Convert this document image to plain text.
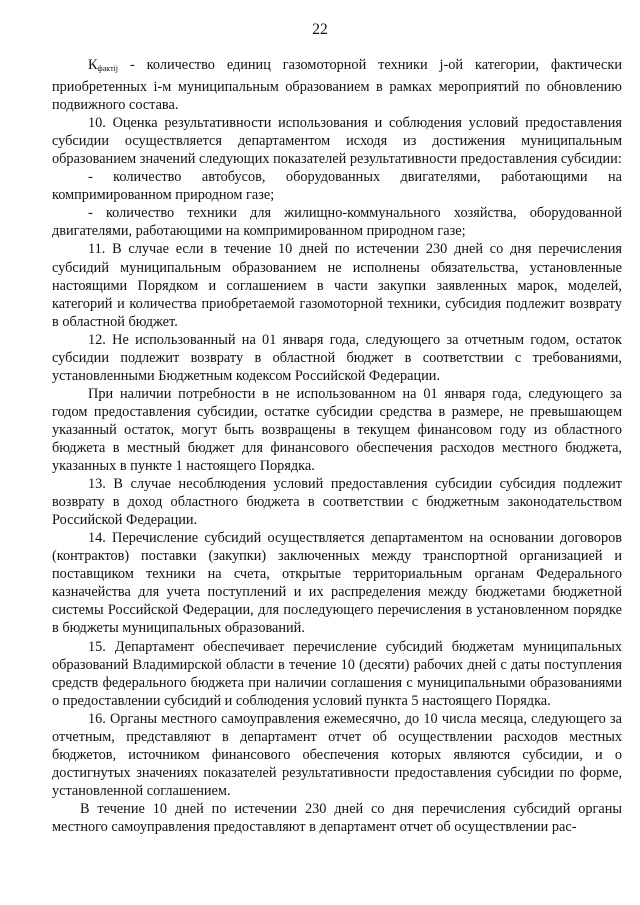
22

$К_{фактij}$ - количество единиц газомоторной техники j-ой категории, фактически приобретенных i-м муниципальным образованием в рамках мероприятий по обновлению подвижного состава.

10. Оценка результативности использования и соблюдения условий предоставления субсидии осуществляется департаментом исходя из достижения муниципальным образованием значений следующих показателей результативности предоставления субсидии:

- количество автобусов, оборудованных двигателями, работающими на компримированном природном газе;

- количество техники для жилищно-коммунального хозяйства, оборудованной двигателями, работающими на компримированном природном газе;

11. В случае если в течение 10 дней по истечении 230 дней со дня перечисления субсидий муниципальным образованием не исполнены обязательства, установленные настоящими Порядком и соглашением в части закупки заявленных марок, моделей, категорий и количества приобретаемой газомоторной техники, субсидия подлежит возврату в областной бюджет.

12. Не использованный на 01 января года, следующего за отчетным годом, остаток субсидии подлежит возврату в областной бюджет в соответствии с требованиями, установленными Бюджетным кодексом Российской Федерации.

При наличии потребности в не использованном на 01 января года, следующего за годом предоставления субсидии, остатке субсидии средства в размере, не превышающем указанный остаток, могут быть возвращены в текущем финансовом году из областного бюджета в местный бюджет для финансового обеспечения расходов местного бюджета, указанных в пункте 1 настоящего Порядка.

13. В случае несоблюдения условий предоставления субсидии субсидия подлежит возврату в доход областного бюджета в соответствии с бюджетным законодательством Российской Федерации.

14. Перечисление субсидий осуществляется департаментом на основании договоров (контрактов) поставки (закупки) заключенных между транспортной организацией и поставщиком техники на счета, открытые территориальным органам Федерального казначейства для учета поступлений и их распределения между бюджетами бюджетной системы Российской Федерации, для последующего перечисления в установленном порядке в бюджеты муниципальных образований.

15. Департамент обеспечивает перечисление субсидий бюджетам муниципальных образований Владимирской области в течение 10 (десяти) рабочих дней с даты поступления средств федерального бюджета при наличии соглашения с муниципальными образованиями о предоставлении субсидий и соблюдения условий пункта 5 настоящего Порядка.

16. Органы местного самоуправления ежемесячно, до 10 числа месяца, следующего за отчетным, представляют в департамент отчет об осуществлении расходов местных бюджетов, источником финансового обеспечения которых являются субсидии, и о достигнутых значениях показателей результативности предоставления субсидии по форме, установленной соглашением.

В течение 10 дней по истечении 230 дней со дня перечисления субсидий органы местного самоуправления предоставляют в департамент отчет об осуществлении рас-
